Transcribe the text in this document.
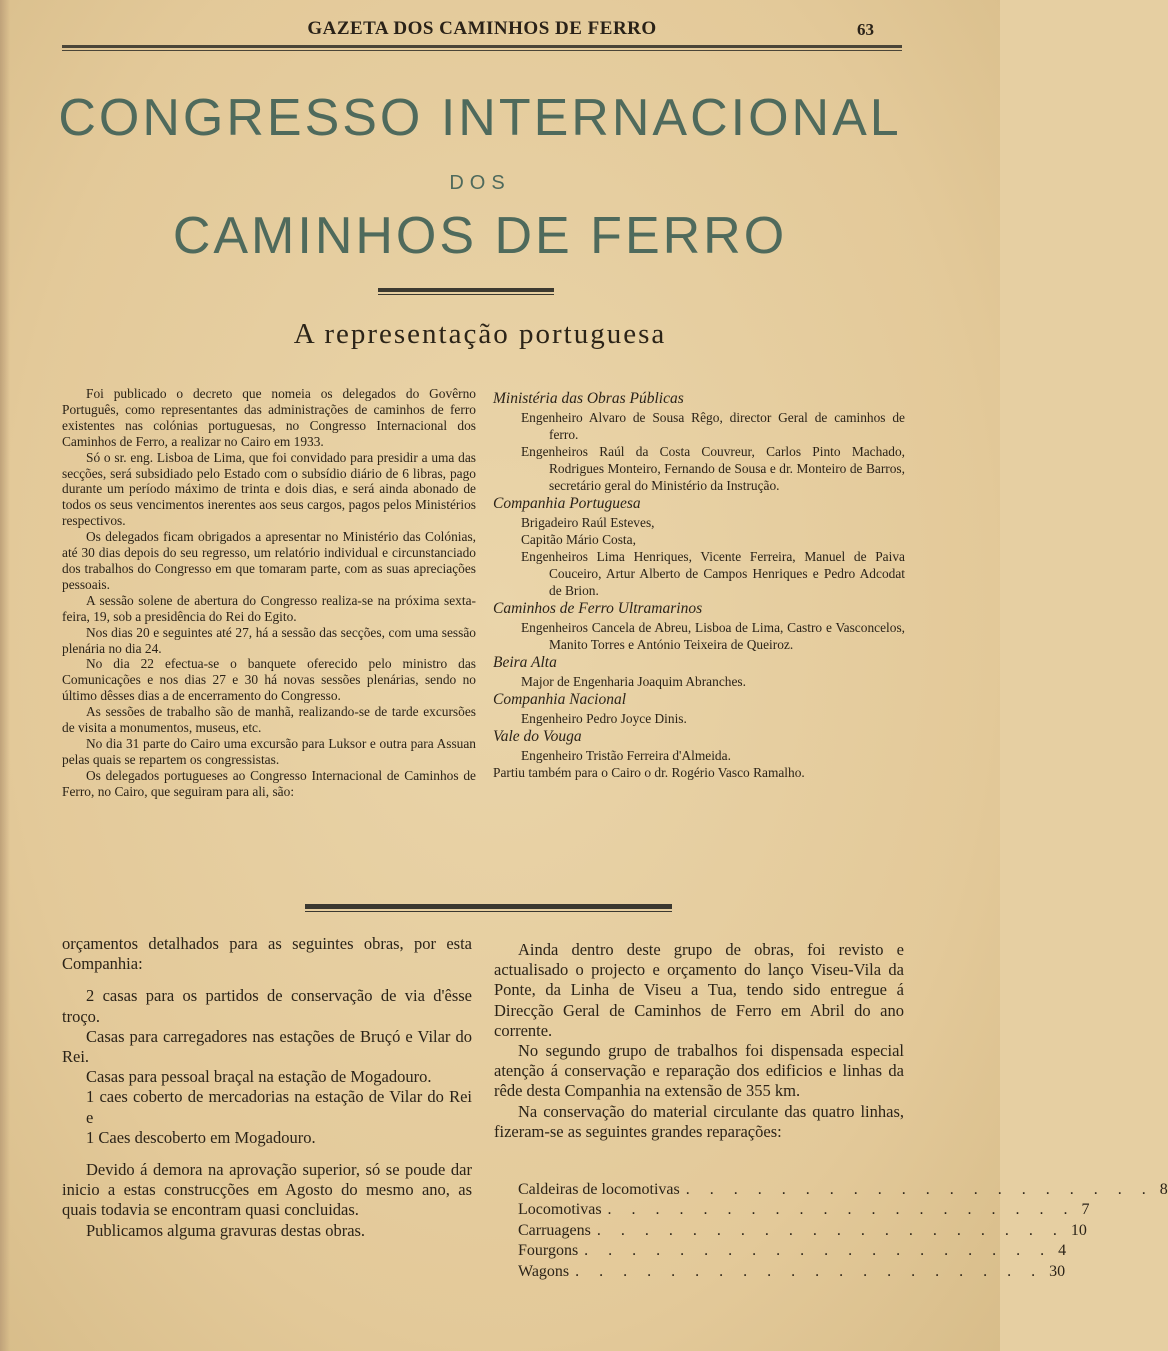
GAZETA DOS CAMINHOS DE FERRO	63
CONGRESSO INTERNACIONAL
DOS
CAMINHOS DE FERRO
A representação portuguesa

Foi publicado o decreto que nomeia os delegados do Govêrno Português, como representantes das administrações de caminhos de ferro existentes nas colónias portuguesas, no Congresso Internacional dos Caminhos de Ferro, a realizar no Cairo em 1933.

Só o sr. eng. Lisboa de Lima, que foi convidado para presidir a uma das secções, será subsidiado pelo Estado com o subsídio diário de 6 libras, pago durante um período máximo de trinta e dois dias, e será ainda abonado de todos os seus vencimentos inerentes aos seus cargos, pagos pelos Ministérios respectivos.

Os delegados ficam obrigados a apresentar no Ministério das Colónias, até 30 dias depois do seu regresso, um relatório individual e circunstanciado dos trabalhos do Congresso em que tomaram parte, com as suas apreciações pessoais.

A sessão solene de abertura do Congresso realiza-se na próxima sexta-feira, 19, sob a presidência do Rei do Egito.

Nos dias 20 e seguintes até 27, há a sessão das secções, com uma sessão plenária no dia 24.

No dia 22 efectua-se o banquete oferecido pelo ministro das Comunicações e nos dias 27 e 30 há novas sessões plenárias, sendo no último dêsses dias a de encerramento do Congresso.

As sessões de trabalho são de manhã, realizando-se de tarde excursões de visita a monumentos, museus, etc.

No dia 31 parte do Cairo uma excursão para Luksor e outra para Assuan pelas quais se repartem os congressistas.

Os delegados portugueses ao Congresso Internacional de Caminhos de Ferro, no Cairo, que seguiram para ali, são:

Ministéria das Obras Públicas

Engenheiro Alvaro de Sousa Rêgo, director Geral de caminhos de ferro.

Engenheiros Raúl da Costa Couvreur, Carlos Pinto Machado, Rodrigues Monteiro, Fernando de Sousa e dr. Monteiro de Barros, secretário geral do Ministério da Instrução.

Companhia Portuguesa

Brigadeiro Raúl Esteves,

Capitão Mário Costa,

Engenheiros Lima Henriques, Vicente Ferreira, Manuel de Paiva Couceiro, Artur Alberto de Campos Henriques e Pedro Adcodat de Brion.

Caminhos de Ferro Ultramarinos

Engenheiros Cancela de Abreu, Lisboa de Lima, Castro e Vasconcelos, Manito Torres e António Teixeira de Queiroz.

Beira Alta

Major de Engenharia Joaquim Abranches.

Companhia Nacional

Engenheiro Pedro Joyce Dinis.

Vale do Vouga

Engenheiro Tristão Ferreira d'Almeida.

Partiu também para o Cairo o dr. Rogério Vasco Ramalho.

orçamentos detalhados para as seguintes obras, por esta Companhia:

2 casas para os partidos de conservação de via d'êsse troço.

Casas para carregadores nas estações de Bruçó e Vilar do Rei.

Casas para pessoal braçal na estação de Mogadouro.

1 caes coberto de mercadorias na estação de Vilar do Rei e

1 Caes descoberto em Mogadouro.

Devido á demora na aprovação superior, só se poude dar inicio a estas construcções em Agosto do mesmo ano, as quais todavia se encontram quasi concluidas.

Publicamos alguma gravuras destas obras.

Ainda dentro deste grupo de obras, foi revisto e actualisado o projecto e orçamento do lanço Viseu-Vila da Ponte, da Linha de Viseu a Tua, tendo sido entregue á Direcção Geral de Caminhos de Ferro em Abril do ano corrente.

No segundo grupo de trabalhos foi dispensada especial atenção á conservação e reparação dos edificios e linhas da rêde desta Companhia na extensão de 355 km.

Na conservação do material circulante das quatro linhas, fizeram-se as seguintes grandes reparações:

Caldeiras de locomotivas . . . . . . . . . . . . . . . . . . . . 8
Locomotivas . . . . . . . . . . . . . . . . . . . . 7
Carruagens . . . . . . . . . . . . . . . . . . . . 10
Fourgons . . . . . . . . . . . . . . . . . . . . 4
Wagons . . . . . . . . . . . . . . . . . . . . 30
